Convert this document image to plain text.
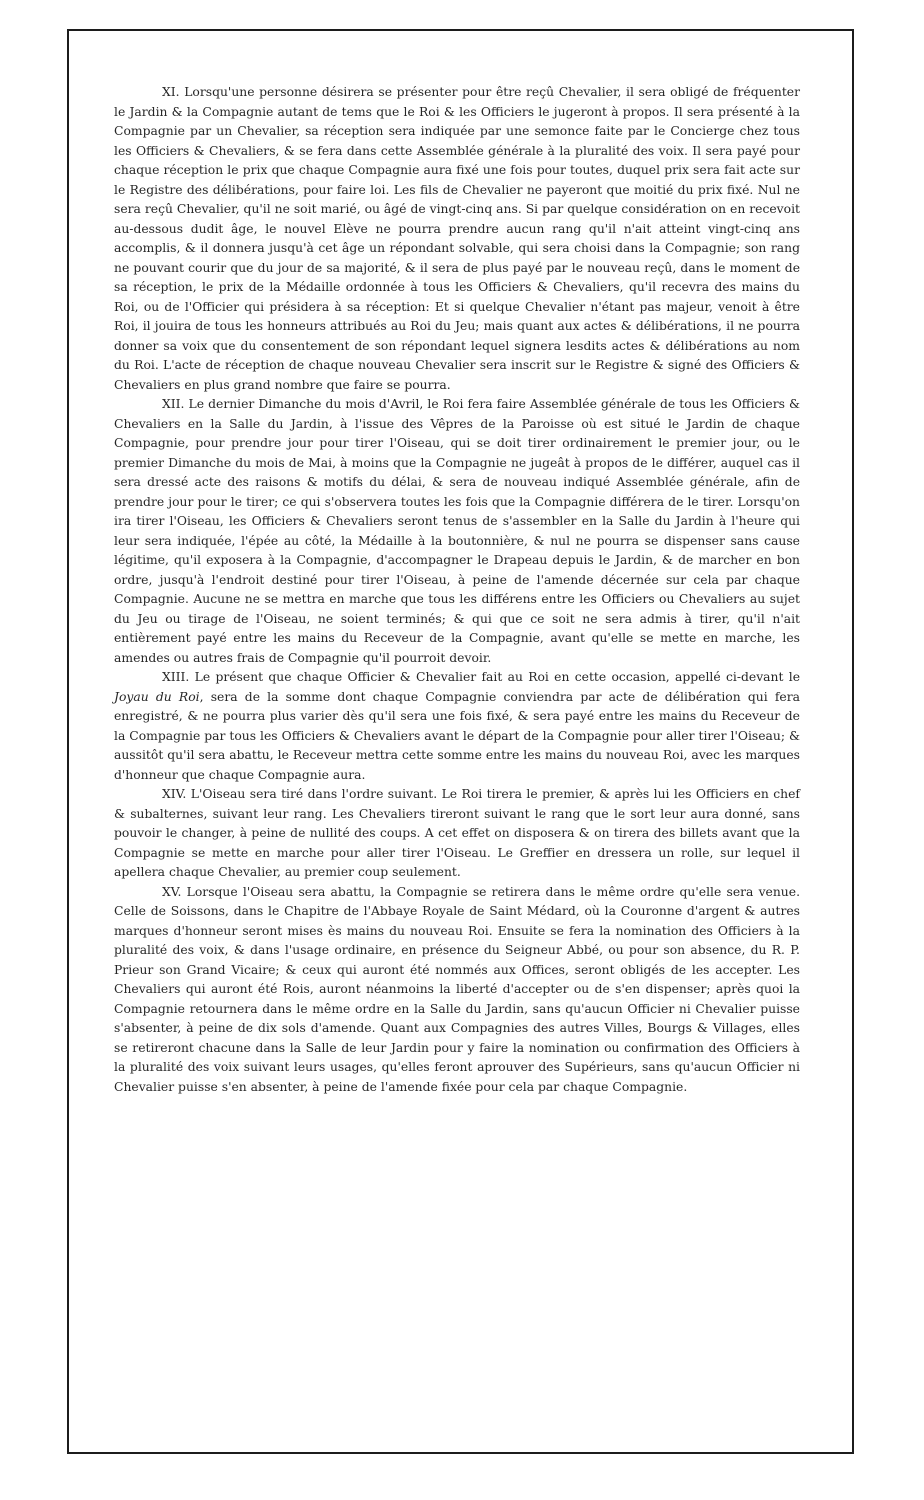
XI. Lorsqu'une personne désirera se présenter pour être reçû Chevalier, il sera obligé de fréquenter le Jardin & la Compagnie autant de tems que le Roi & les Officiers le jugeront à propos. Il sera présenté à la Compagnie par un Chevalier, sa réception sera indiquée par une semonce faite par le Concierge chez tous les Officiers & Chevaliers, & se fera dans cette Assemblée générale à la pluralité des voix. Il sera payé pour chaque réception le prix que chaque Compagnie aura fixé une fois pour toutes, duquel prix sera fait acte sur le Registre des délibérations, pour faire loi. Les fils de Chevalier ne payeront que moitié du prix fixé. Nul ne sera reçû Chevalier, qu'il ne soit marié, ou âgé de vingt-cinq ans. Si par quelque considération on en recevoit au-dessous dudit âge, le nouvel Elève ne pourra prendre aucun rang qu'il n'ait atteint vingt-cinq ans accomplis, & il donnera jusqu'à cet âge un répondant solvable, qui sera choisi dans la Compagnie; son rang ne pouvant courir que du jour de sa majorité, & il sera de plus payé par le nouveau reçû, dans le moment de sa réception, le prix de la Médaille ordonnée à tous les Officiers & Chevaliers, qu'il recevra des mains du Roi, ou de l'Officier qui présidera à sa réception: Et si quelque Chevalier n'étant pas majeur, venoit à être Roi, il jouira de tous les honneurs attribués au Roi du Jeu; mais quant aux actes & délibérations, il ne pourra donner sa voix que du consentement de son répondant lequel signera lesdits actes & délibérations au nom du Roi. L'acte de réception de chaque nouveau Chevalier sera inscrit sur le Registre & signé des Officiers & Chevaliers en plus grand nombre que faire se pourra.

XII. Le dernier Dimanche du mois d'Avril, le Roi fera faire Assemblée générale de tous les Officiers & Chevaliers en la Salle du Jardin, à l'issue des Vêpres de la Paroisse où est situé le Jardin de chaque Compagnie, pour prendre jour pour tirer l'Oiseau, qui se doit tirer ordinairement le premier jour, ou le premier Dimanche du mois de Mai, à moins que la Compagnie ne jugeât à propos de le différer, auquel cas il sera dressé acte des raisons & motifs du délai, & sera de nouveau indiqué Assemblée générale, afin de prendre jour pour le tirer; ce qui s'observera toutes les fois que la Compagnie différera de le tirer. Lorsqu'on ira tirer l'Oiseau, les Officiers & Chevaliers seront tenus de s'assembler en la Salle du Jardin à l'heure qui leur sera indiquée, l'épée au côté, la Médaille à la boutonnière, & nul ne pourra se dispenser sans cause légitime, qu'il exposera à la Compagnie, d'accompagner le Drapeau depuis le Jardin, & de marcher en bon ordre, jusqu'à l'endroit destiné pour tirer l'Oiseau, à peine de l'amende décernée sur cela par chaque Compagnie. Aucune ne se mettra en marche que tous les différens entre les Officiers ou Chevaliers au sujet du Jeu ou tirage de l'Oiseau, ne soient terminés; & qui que ce soit ne sera admis à tirer, qu'il n'ait entièrement payé entre les mains du Receveur de la Compagnie, avant qu'elle se mette en marche, les amendes ou autres frais de Compagnie qu'il pourroit devoir.

XIII. Le présent que chaque Officier & Chevalier fait au Roi en cette occasion, appellé ci-devant le Joyau du Roi, sera de la somme dont chaque Compagnie conviendra par acte de délibération qui fera enregistré, & ne pourra plus varier dès qu'il sera une fois fixé, & sera payé entre les mains du Receveur de la Compagnie par tous les Officiers & Chevaliers avant le départ de la Compagnie pour aller tirer l'Oiseau; & aussitôt qu'il sera abattu, le Receveur mettra cette somme entre les mains du nouveau Roi, avec les marques d'honneur que chaque Compagnie aura.

XIV. L'Oiseau sera tiré dans l'ordre suivant. Le Roi tirera le premier, & après lui les Officiers en chef & subalternes, suivant leur rang. Les Chevaliers tireront suivant le rang que le sort leur aura donné, sans pouvoir le changer, à peine de nullité des coups. A cet effet on disposera & on tirera des billets avant que la Compagnie se mette en marche pour aller tirer l'Oiseau. Le Greffier en dressera un rolle, sur lequel il apellera chaque Chevalier, au premier coup seulement.

XV. Lorsque l'Oiseau sera abattu, la Compagnie se retirera dans le même ordre qu'elle sera venue. Celle de Soissons, dans le Chapitre de l'Abbaye Royale de Saint Médard, où la Couronne d'argent & autres marques d'honneur seront mises ès mains du nouveau Roi. Ensuite se fera la nomination des Officiers à la pluralité des voix, & dans l'usage ordinaire, en présence du Seigneur Abbé, ou pour son absence, du R. P. Prieur son Grand Vicaire; & ceux qui auront été nommés aux Offices, seront obligés de les accepter. Les Chevaliers qui auront été Rois, auront néanmoins la liberté d'accepter ou de s'en dispenser; après quoi la Compagnie retournera dans le même ordre en la Salle du Jardin, sans qu'aucun Officier ni Chevalier puisse s'absenter, à peine de dix sols d'amende. Quant aux Compagnies des autres Villes, Bourgs & Villages, elles se retireront chacune dans la Salle de leur Jardin pour y faire la nomination ou confirmation des Officiers à la pluralité des voix suivant leurs usages, qu'elles feront aprouver des Supérieurs, sans qu'aucun Officier ni Chevalier puisse s'en absenter, à peine de l'amende fixée pour cela par chaque Compagnie.
